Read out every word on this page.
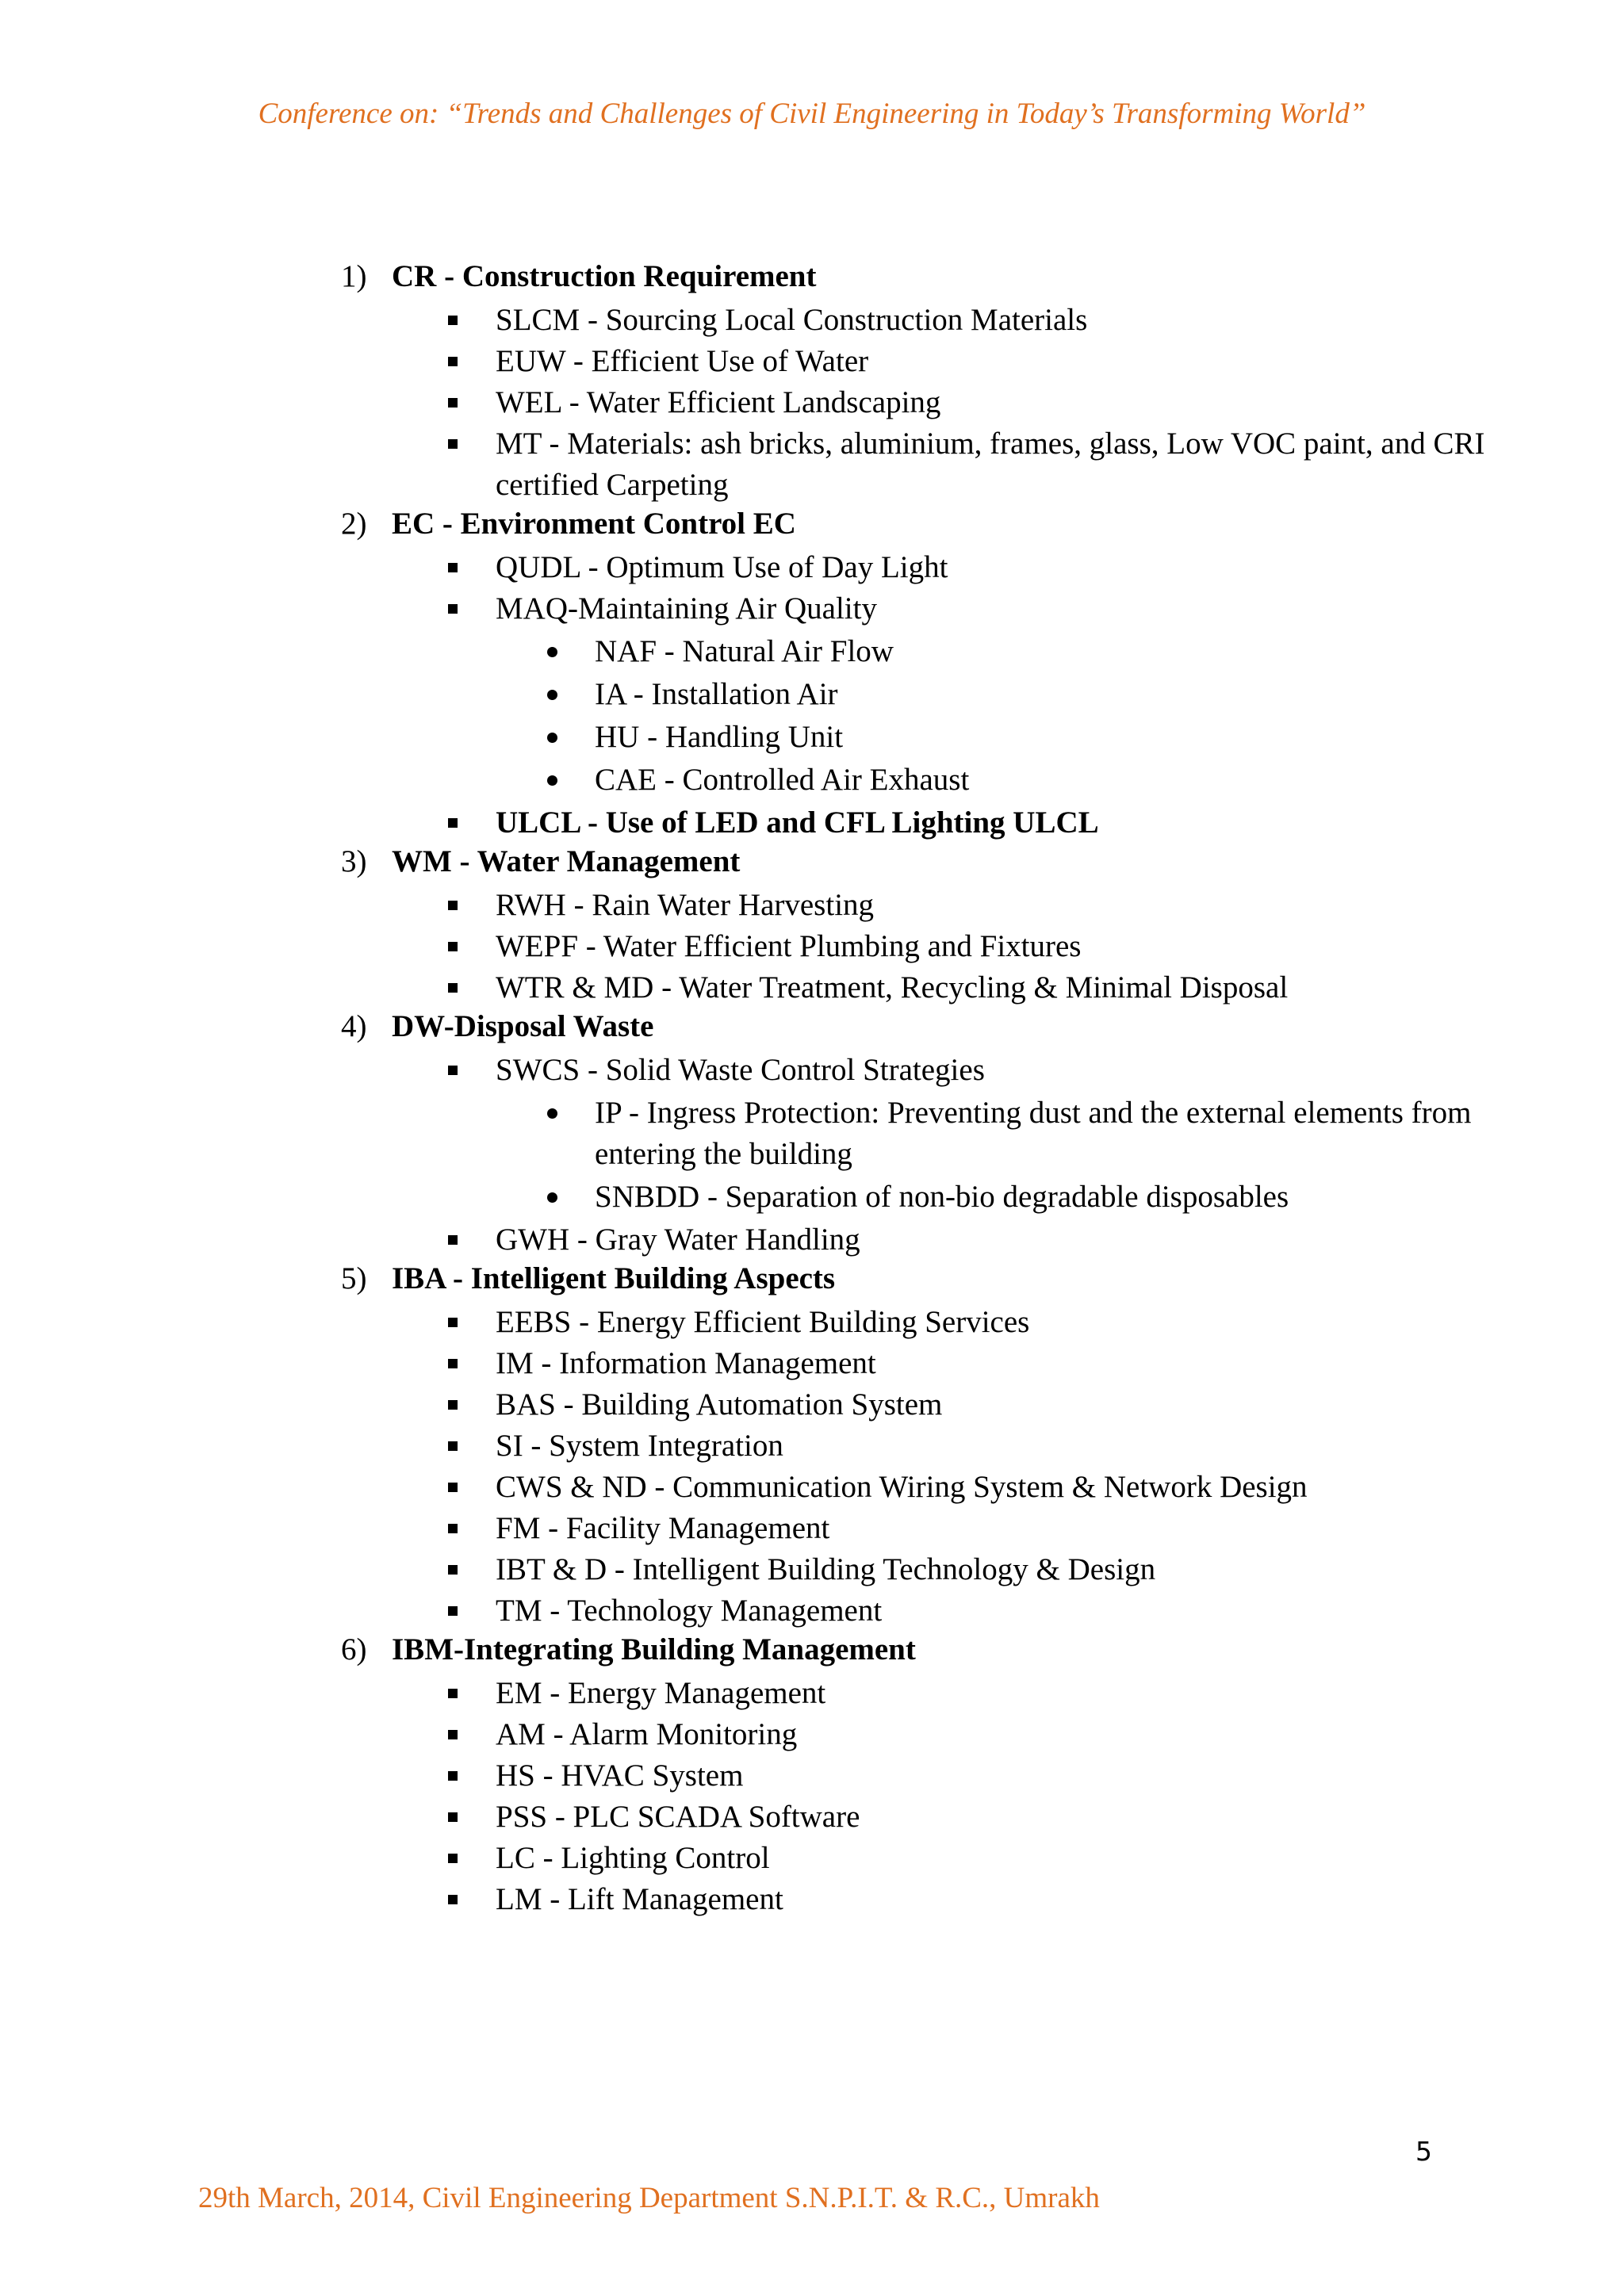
Conference on: “Trends and Challenges of Civil Engineering in Today’s Transforming World”
1) CR - Construction Requirement
SLCM - Sourcing Local Construction Materials
EUW - Efficient Use of Water
WEL - Water Efficient Landscaping
MT - Materials: ash bricks, aluminium, frames, glass, Low VOC paint, and CRI certified Carpeting
2) EC - Environment Control EC
QUDL - Optimum Use of Day Light
MAQ-Maintaining Air Quality
NAF - Natural Air Flow
IA - Installation Air
HU - Handling Unit
CAE - Controlled Air Exhaust
ULCL - Use of LED and CFL Lighting ULCL
3) WM - Water Management
RWH - Rain Water Harvesting
WEPF - Water Efficient Plumbing and Fixtures
WTR & MD - Water Treatment, Recycling & Minimal Disposal
4) DW-Disposal Waste
SWCS - Solid Waste Control Strategies
IP - Ingress Protection: Preventing dust and the external elements from entering the building
SNBDD - Separation of non-bio degradable disposables
GWH - Gray Water Handling
5) IBA - Intelligent Building Aspects
EEBS - Energy Efficient Building Services
IM - Information Management
BAS - Building Automation System
SI - System Integration
CWS & ND - Communication Wiring System & Network Design
FM - Facility Management
IBT & D - Intelligent Building Technology & Design
TM - Technology Management
6) IBM-Integrating Building Management
EM - Energy Management
AM - Alarm Monitoring
HS - HVAC System
PSS - PLC SCADA Software
LC - Lighting Control
LM - Lift Management
5
29th March, 2014, Civil Engineering Department S.N.P.I.T. & R.C., Umrakh
